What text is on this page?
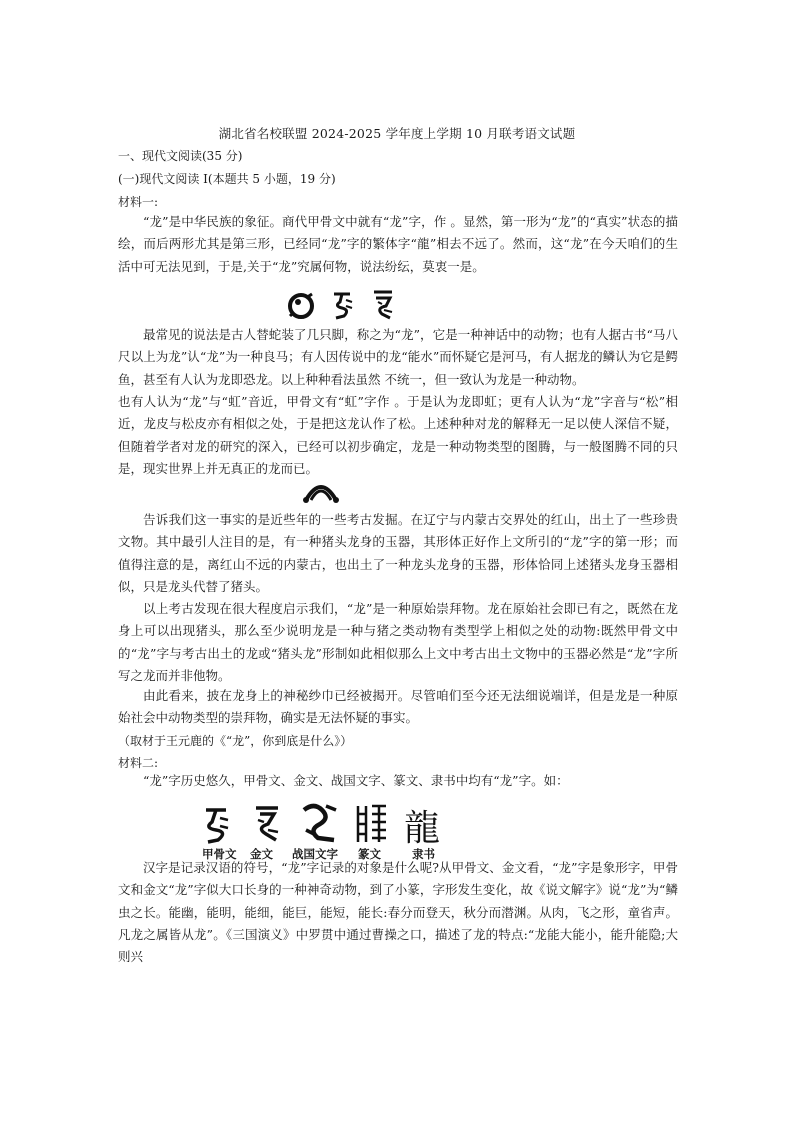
湖北省名校联盟 2024-2025 学年度上学期 10 月联考语文试题
一、现代文阅读(35 分)
(一)现代文阅读 I(本题共 5 小题，19 分)
材料一:

“龙”是中华民族的象征。商代甲骨文中就有“龙”字，作 。显然，第一形为“龙”的“真实”状态的描绘，而后两形尤其是第三形，已经同“龙”字的繁体字“龍”相去不远了。然而，这“龙”在今天咱们的生活中可无法见到，于是,关于“龙”究属何物，说法纷纭，莫衷一是。

最常见的说法是古人替蛇装了几只脚，称之为“龙”，它是一种神话中的动物；也有人据古书“马八尺以上为龙”认“龙”为一种良马；有人因传说中的龙“能水”而怀疑它是河马，有人据龙的鳞认为它是鳄鱼，甚至有人认为龙即恐龙。以上种种看法虽然 不统一，但一致认为龙是一种动物。

也有人认为“龙”与“虹”音近，甲骨文有“虹”字作 。于是认为龙即虹；更有人认为“龙”字音与“松”相近，龙皮与松皮亦有相似之处，于是把这龙认作了松。上述种种对龙的解释无一足以使人深信不疑，但随着学者对龙的研究的深入，已经可以初步确定，龙是一种动物类型的图腾，与一般图腾不同的只是，现实世界上并无真正的龙而已。

告诉我们这一事实的是近些年的一些考古发掘。在辽宁与内蒙古交界处的红山，出土了一些珍贵文物。其中最引人注目的是，有一种猪头龙身的玉器，其形体正好作上文所引的“龙”字的第一形；而值得注意的是，离红山不远的内蒙古，也出土了一种龙头龙身的玉器，形体恰同上述猪头龙身玉器相似，只是龙头代替了猪头。

以上考古发现在很大程度启示我们，“龙”是一种原始崇拜物。龙在原始社会即已有之，既然在龙身上可以出现猪头，那么至少说明龙是一种与猪之类动物有类型学上相似之处的动物:既然甲骨文中的“龙”字与考古出土的龙或“猪头龙”形制如此相似那么上文中考古出土文物中的玉器必然是“龙”字所写之龙而并非他物。

由此看来，披在龙身上的神秘纱巾已经被揭开。尽管咱们至今还无法细说端详，但是龙是一种原始社会中动物类型的崇拜物，确实是无法怀疑的事实。

（取材于王元鹿的《“龙”，你到底是什么》）
材料二:

“龙”字历史悠久，甲骨文、金文、战国文字、篆文、隶书中均有“龙”字。如：

龍
甲骨文 金文 战国文字 篆文	隶书

汉字是记录汉语的符号，“龙”字记录的对象是什么呢?从甲骨文、金文看，“龙”字是象形字，甲骨文和金文“龙”字似大口长身的一种神奇动物，到了小篆，字形发生变化，故《说文解字》说“龙”为“鳞虫之长。能幽，能明，能细，能巨，能短，能长:春分而登天，秋分而潜渊。从肉，飞之形，童省声。凡龙之属皆从龙”。《三国演义》中罗贯中通过曹操之口，描述了龙的特点:“龙能大能小，能升能隐;大则兴
